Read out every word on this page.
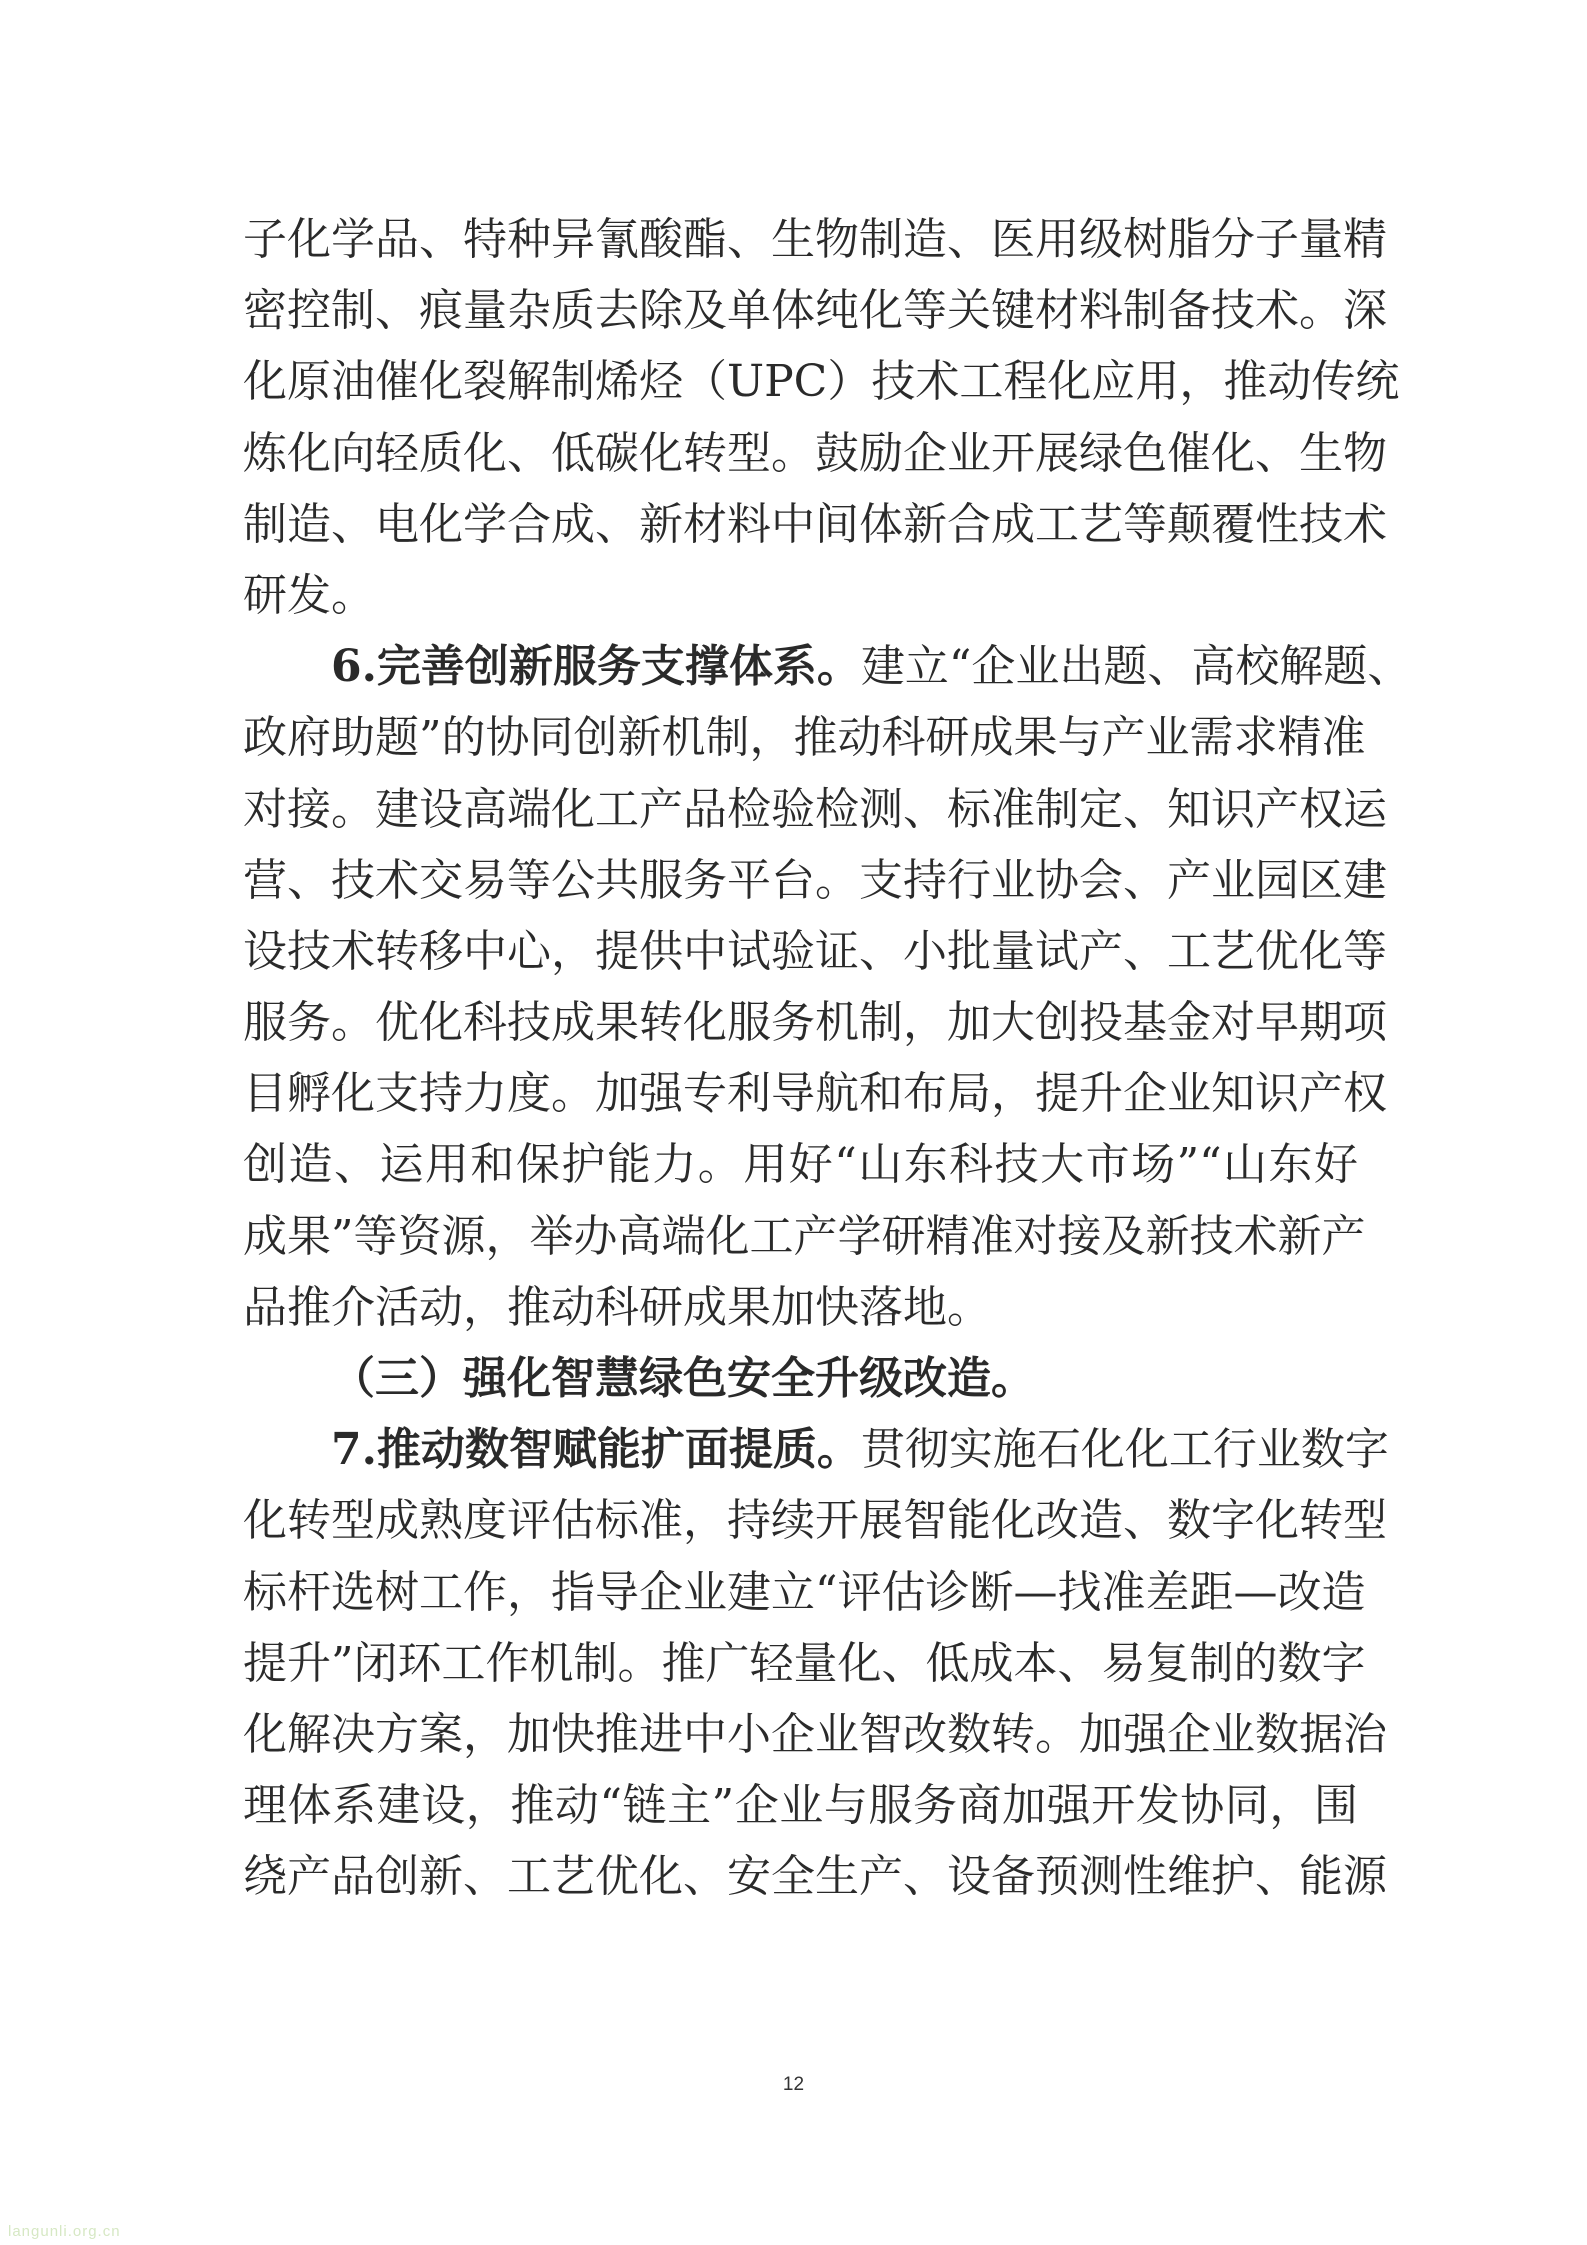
子化学品、特种异氰酸酯、生物制造、医用级树脂分子量精
密控制、痕量杂质去除及单体纯化等关键材料制备技术。深
化原油催化裂解制烯烃（UPC）技术工程化应用，推动传统
炼化向轻质化、低碳化转型。鼓励企业开展绿色催化、生物
制造、电化学合成、新材料中间体新合成工艺等颠覆性技术
研发。
6.完善创新服务支撑体系。建立“企业出题、高校解题、
政府助题”的协同创新机制，推动科研成果与产业需求精准
对接。建设高端化工产品检验检测、标准制定、知识产权运
营、技术交易等公共服务平台。支持行业协会、产业园区建
设技术转移中心，提供中试验证、小批量试产、工艺优化等
服务。优化科技成果转化服务机制，加大创投基金对早期项
目孵化支持力度。加强专利导航和布局，提升企业知识产权
创造、运用和保护能力。用好“山东科技大市场”“山东好
成果”等资源，举办高端化工产学研精准对接及新技术新产
品推介活动，推动科研成果加快落地。
（三）强化智慧绿色安全升级改造。
7.推动数智赋能扩面提质。贯彻实施石化化工行业数字
化转型成熟度评估标准，持续开展智能化改造、数字化转型
标杆选树工作，指导企业建立“评估诊断—找准差距—改造
提升”闭环工作机制。推广轻量化、低成本、易复制的数字
化解决方案，加快推进中小企业智改数转。加强企业数据治
理体系建设，推动“链主”企业与服务商加强开发协同，围
绕产品创新、工艺优化、安全生产、设备预测性维护、能源
12
langunli.org.cn
